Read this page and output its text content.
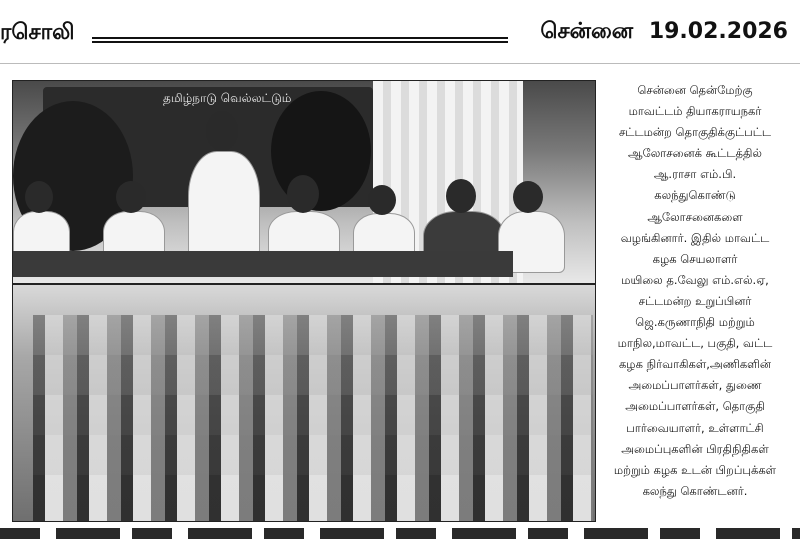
ரசொலி	சென்னை 19.02.2026
தமிழ்நாடு வெல்லட்டும்

சென்னை தென்மேற்கு
மாவட்டம் தியாகராயநகர்
சட்டமன்ற தொகுதிக்குட்பட்ட
ஆலோசனைக் கூட்டத்தில்
ஆ.ராசா எம்.பி.
கலந்துகொண்டு
ஆலோசனைகளை
வழங்கினார். இதில் மாவட்ட
கழக செயலாளர்
மயிலை த.வேலு எம்.எல்.ஏ,
சட்டமன்ற உறுப்பினர்
ஜெ.கருணாநிதி மற்றும்
மாநில,மாவட்ட, பகுதி, வட்ட
கழக நிர்வாகிகள்,அணிகளின்
அமைப்பாளர்கள், துணை
அமைப்பாளர்கள், தொகுதி
பார்வையாளர், உள்ளாட்சி
அமைப்புகளின் பிரதிநிதிகள்
மற்றும் கழக உடன் பிறப்புக்கள்
கலந்து கொண்டனர்.
